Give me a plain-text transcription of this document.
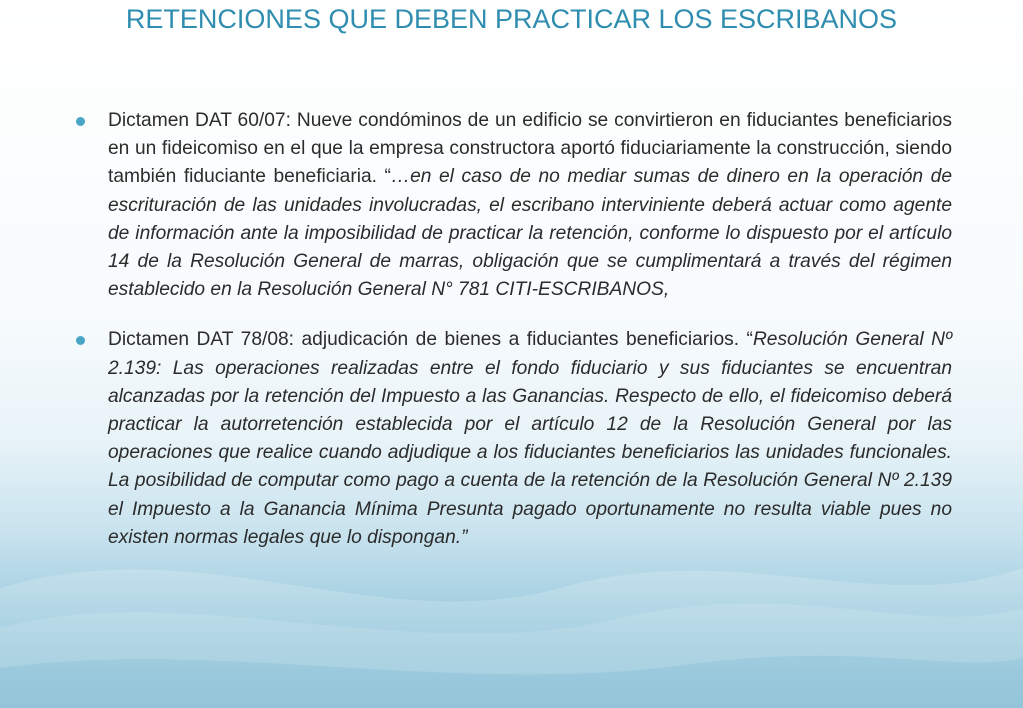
RETENCIONES QUE DEBEN PRACTICAR LOS ESCRIBANOS
Dictamen DAT 60/07: Nueve condóminos de un edificio se convirtieron en fiduciantes beneficiarios en un fideicomiso en el que la empresa constructora aportó fiduciariamente la construcción, siendo también fiduciante beneficiaria. “…en el caso de no mediar sumas de dinero en la operación de escrituración de las unidades involucradas, el escribano interviniente deberá actuar como agente de información ante la imposibilidad de practicar la retención, conforme lo dispuesto por el artículo 14 de la Resolución General de marras, obligación que se cumplimentará a través del régimen establecido en la Resolución General N° 781 CITI-ESCRIBANOS,
Dictamen DAT 78/08: adjudicación de bienes a fiduciantes beneficiarios. “Resolución General Nº 2.139: Las operaciones realizadas entre el fondo fiduciario y sus fiduciantes se encuentran alcanzadas por la retención del Impuesto a las Ganancias. Respecto de ello, el fideicomiso deberá practicar la autorretención establecida por el artículo 12 de la Resolución General por las operaciones que realice cuando adjudique a los fiduciantes beneficiarios las unidades funcionales. La posibilidad de computar como pago a cuenta de la retención de la Resolución General Nº 2.139 el Impuesto a la Ganancia Mínima Presunta pagado oportunamente no resulta viable pues no existen normas legales que lo dispongan.”
